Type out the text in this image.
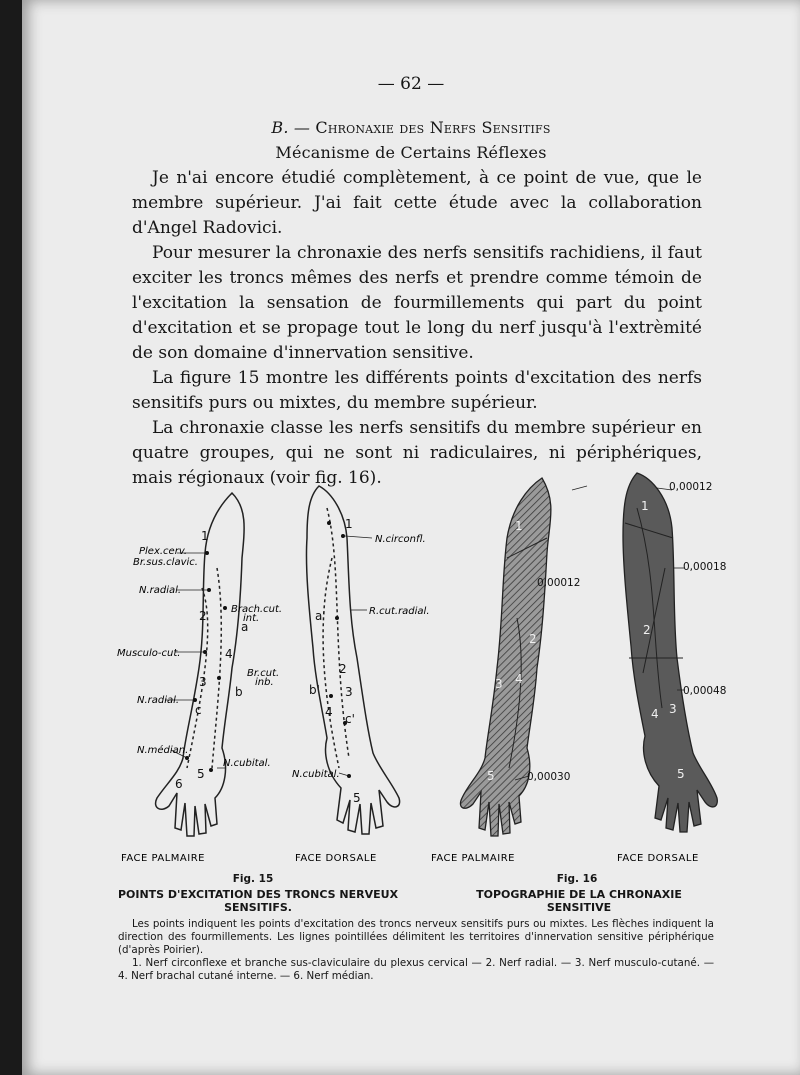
— 62 —
B. — Chronaxie des Nerfs Sensitifs
Mécanisme de Certains Réflexes

Je n'ai encore étudié complètement, à ce point de vue, que le membre supérieur. J'ai fait cette étude avec la collaboration d'Angel Radovici.

Pour mesurer la chronaxie des nerfs sensitifs rachidiens, il faut exciter les troncs mêmes des nerfs et prendre comme témoin de l'excitation la sensation de fourmillements qui part du point d'excitation et se propage tout le long du nerf jusqu'à l'extrèmité de son domaine d'innervation sensitive.

La figure 15 montre les différents points d'excitation des nerfs sensitifs purs ou mixtes, du membre supérieur.

La chronaxie classe les nerfs sensitifs du membre supérieur en quatre groupes, qui ne sont ni radiculaires, ni périphériques, mais régionaux (voir fig. 16).

Plex.cerv.
Br.sus.clavic.
N.radial.
Musculo-cut.
N.radial.
N.médian.
Brach.cut.
int.
Br.cut.
inb.
N.cubital.
N.circonfl.
R.cut.radial.
N.cubital.
1
2
3
4
5
6
a
b
c
1
2
3
4
5
a'
b'
c'
0,00012
0,00018
0,00012
0,00048
0,00030
1
2
3 4
5
1
2
3
4
5
FACE PALMAIRE	FACE DORSALE	FACE PALMAIRE	FACE DORSALE
Fig. 15	Fig. 16
POINTS D'EXCITATION DES TRONCS NERVEUX SENSITIFS.
TOPOGRAPHIE DE LA CHRONAXIE SENSITIVE

Les points indiquent les points d'excitation des troncs nerveux sensitifs purs ou mixtes. Les flèches indiquent la direction des fourmillements. Les lignes pointillées délimitent les territoires d'innervation sensitive périphérique (d'après Poirier).

1. Nerf circonflexe et branche sus-claviculaire du plexus cervical — 2. Nerf radial. — 3. Nerf musculo-cutané. — 4. Nerf brachal cutané interne. — 6. Nerf médian.
